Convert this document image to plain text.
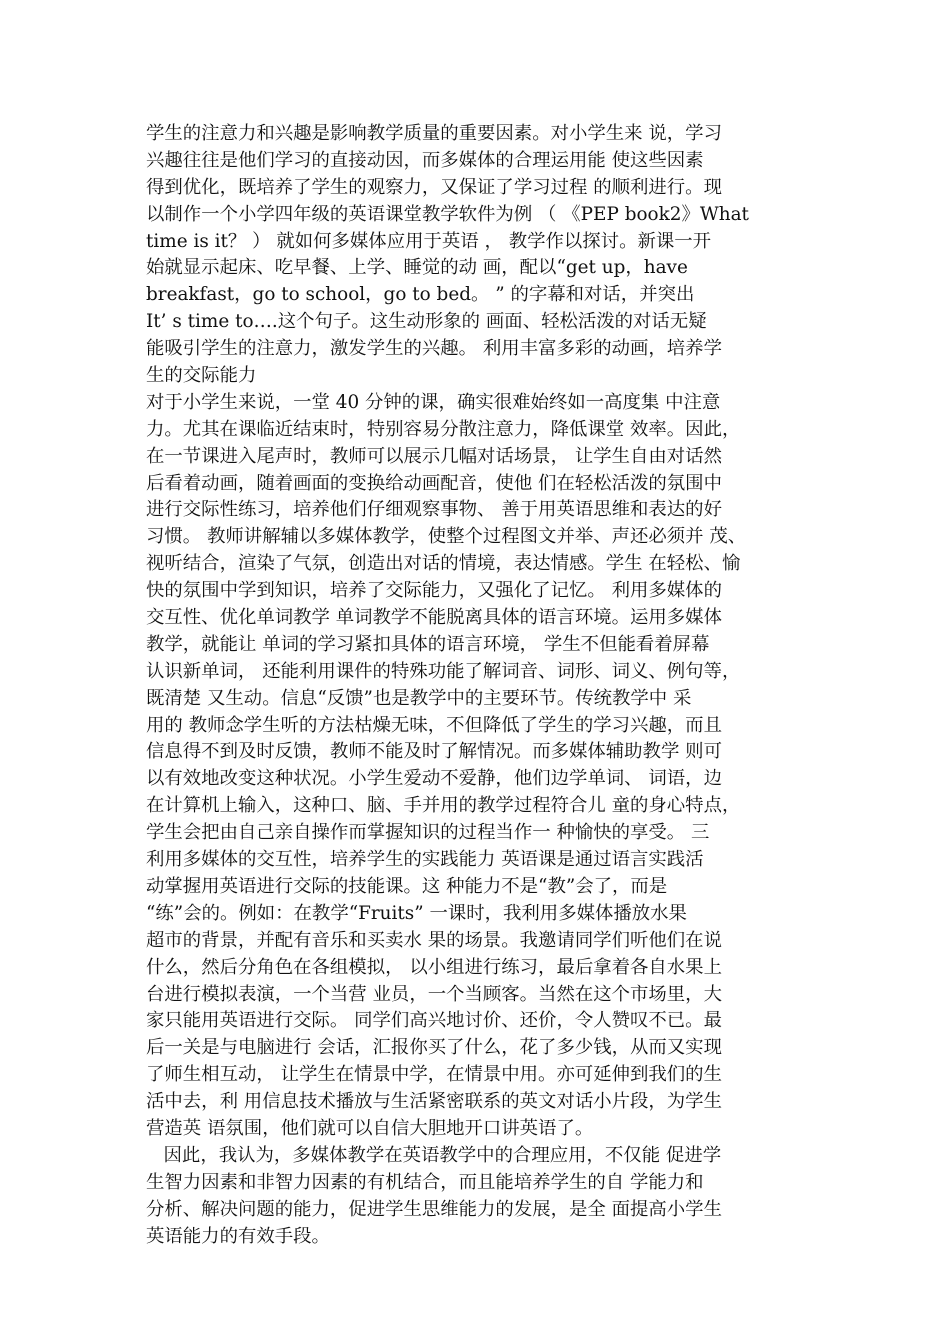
学生的注意力和兴趣是影响教学质量的重要因素。对小学生来 说，学习
兴趣往往是他们学习的直接动因，而多媒体的合理运用能 使这些因素
得到优化，既培养了学生的观察力，又保证了学习过程 的顺利进行。现
以制作一个小学四年级的英语课堂教学软件为例 （ 《PEP book2》What
time is it？ ） 就如何多媒体应用于英语 ， 教学作以探讨。新课一开
始就显示起床、吃早餐、上学、睡觉的动 画，配以“get up，have
breakfast，go to school，go to bed。 ” 的字幕和对话，并突出
It’ s time to….这个句子。这生动形象的 画面、轻松活泼的对话无疑
能吸引学生的注意力，激发学生的兴趣。 利用丰富多彩的动画，培养学
生的交际能力
对于小学生来说，一堂 40 分钟的课，确实很难始终如一高度集 中注意
力。尤其在课临近结束时，特别容易分散注意力，降低课堂 效率。因此，
在一节课进入尾声时，教师可以展示几幅对话场景， 让学生自由对话然
后看着动画，随着画面的变换给动画配音，使他 们在轻松活泼的氛围中
进行交际性练习，培养他们仔细观察事物、 善于用英语思维和表达的好
习惯。 教师讲解辅以多媒体教学，使整个过程图文并举、声还必须并 茂、
视听结合，渲染了气氛，创造出对话的情境，表达情感。学生 在轻松、愉
快的氛围中学到知识，培养了交际能力，又强化了记忆。 利用多媒体的
交互性、优化单词教学 单词教学不能脱离具体的语言环境。运用多媒体
教学，就能让 单词的学习紧扣具体的语言环境， 学生不但能看着屏幕
认识新单词， 还能利用课件的特殊功能了解词音、词形、词义、例句等，
既清楚 又生动。信息“反馈”也是教学中的主要环节。传统教学中 采
用的 教师念学生听的方法枯燥无味，不但降低了学生的学习兴趣，而且
信息得不到及时反馈，教师不能及时了解情况。而多媒体辅助教学 则可
以有效地改变这种状况。小学生爱动不爱静，他们边学单词、 词语，边
在计算机上输入，这种口、脑、手并用的教学过程符合儿 童的身心特点，
学生会把由自己亲自操作而掌握知识的过程当作一 种愉快的享受。 三
利用多媒体的交互性，培养学生的实践能力 英语课是通过语言实践活
动掌握用英语进行交际的技能课。这 种能力不是“教”会了，而是
“练”会的。例如：在教学“Fruits” 一课时，我利用多媒体播放水果
超市的背景，并配有音乐和买卖水 果的场景。我邀请同学们听他们在说
什么，然后分角色在各组模拟， 以小组进行练习，最后拿着各自水果上
台进行模拟表演，一个当营 业员，一个当顾客。当然在这个市场里，大
家只能用英语进行交际。 同学们高兴地讨价、还价，令人赞叹不已。最
后一关是与电脑进行 会话，汇报你买了什么，花了多少钱，从而又实现
了师生相互动， 让学生在情景中学，在情景中用。亦可延伸到我们的生
活中去，利 用信息技术播放与生活紧密联系的英文对话小片段，为学生
营造英 语氛围，他们就可以自信大胆地开口讲英语了。
因此，我认为，多媒体教学在英语教学中的合理应用，不仅能 促进学
生智力因素和非智力因素的有机结合，而且能培养学生的自 学能力和
分析、解决问题的能力，促进学生思维能力的发展，是全 面提高小学生
英语能力的有效手段。
